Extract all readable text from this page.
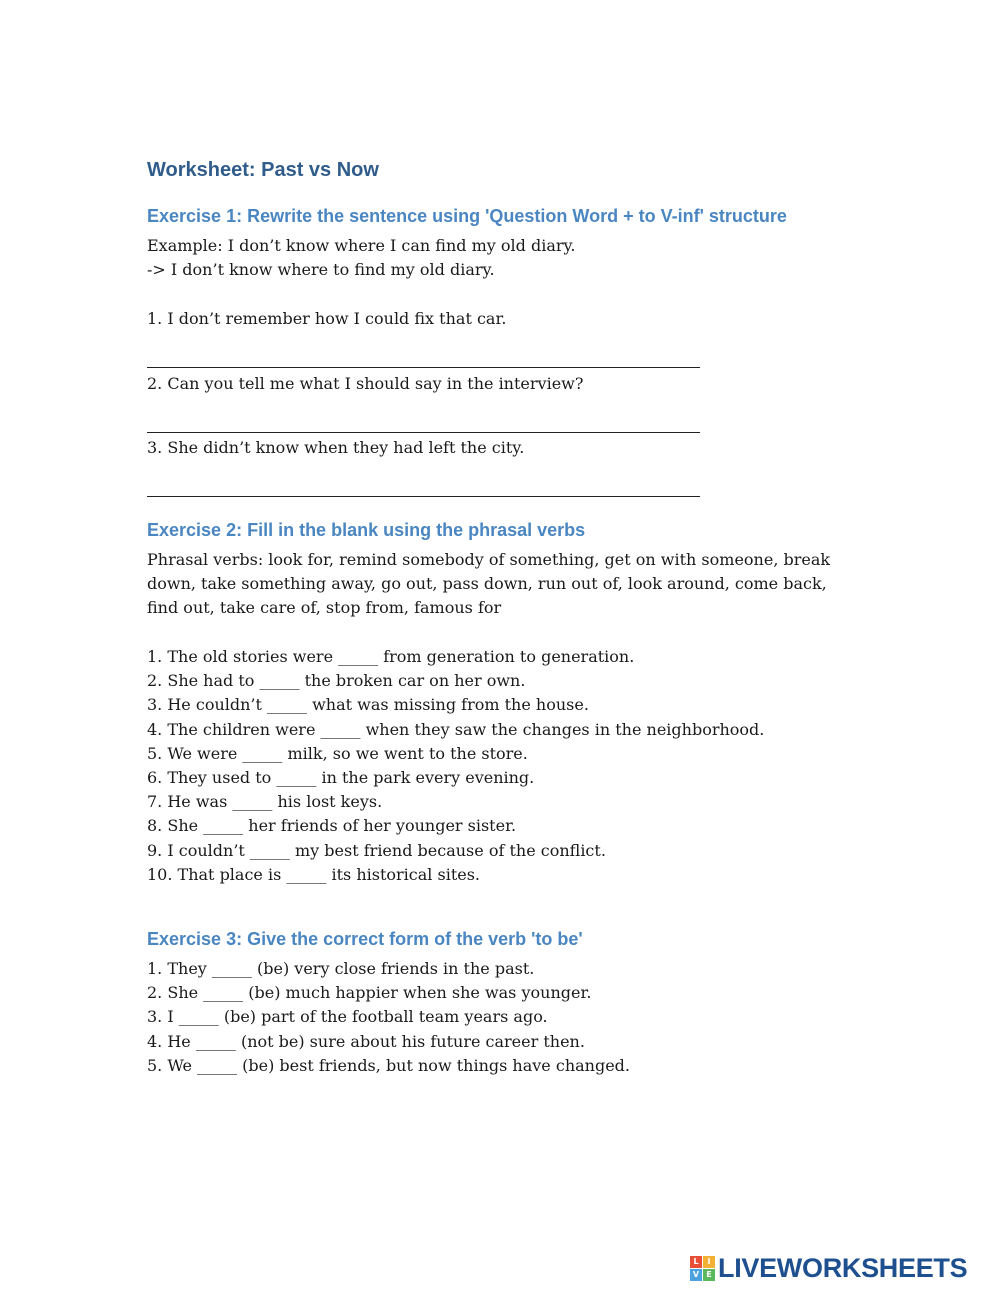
Worksheet: Past vs Now
Exercise 1: Rewrite the sentence using 'Question Word + to V-inf' structure

Example: I don’t know where I can find my old diary.

-> I don’t know where to find my old diary.

1. I don’t remember how I could fix that car.

2. Can you tell me what I should say in the interview?

3. She didn’t know when they had left the city.

Exercise 2: Fill in the blank using the phrasal verbs

Phrasal verbs: look for, remind somebody of something, get on with someone, break down, take something away, go out, pass down, run out of, look around, come back, find out, take care of, stop from, famous for

1. The old stories were _____ from generation to generation.

2. She had to _____ the broken car on her own.

3. He couldn’t _____ what was missing from the house.

4. The children were _____ when they saw the changes in the neighborhood.

5. We were _____ milk, so we went to the store.

6. They used to _____ in the park every evening.

7. He was _____ his lost keys.

8. She _____ her friends of her younger sister.

9. I couldn’t _____ my best friend because of the conflict.

10. That place is _____ its historical sites.

Exercise 3: Give the correct form of the verb 'to be'

1. They _____ (be) very close friends in the past.

2. She _____ (be) much happier when she was younger.

3. I _____ (be) part of the football team years ago.

4. He _____ (not be) sure about his future career then.

5. We _____ (be) best friends, but now things have changed.

L	I
V E LIVEWORKSHEETS
